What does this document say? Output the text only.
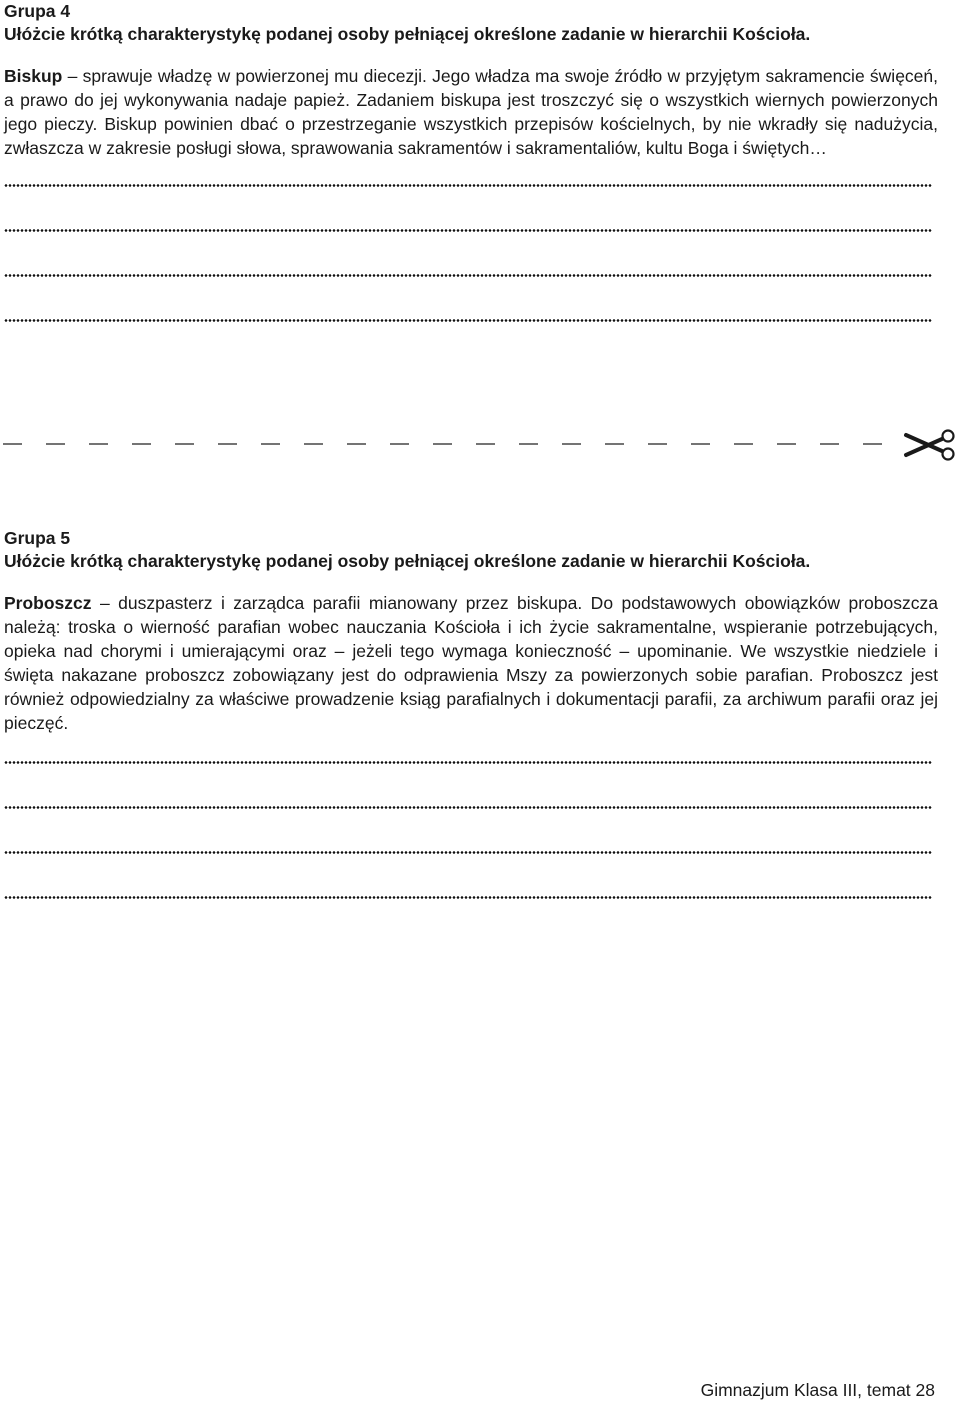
Grupa 4

Ułóżcie krótką charakterystykę podanej osoby pełniącej określone zadanie w hierarchii Kościoła.

Biskup – sprawuje władzę w powierzonej mu diecezji. Jego władza ma swoje źródło w przyjętym sakramencie święceń, a prawo do jej wykonywania nadaje papież. Zadaniem biskupa jest troszczyć się o wszystkich wiernych powierzonych jego pieczy. Biskup powinien dbać o przestrzeganie wszystkich przepisów kościelnych, by nie wkradły się nadużycia, zwłaszcza w zakresie posługi słowa, sprawowania sakramentów i sakramentaliów, kultu Boga i świętych…

Grupa 5

Ułóżcie krótką charakterystykę podanej osoby pełniącej określone zadanie w hierarchii Kościoła.

Proboszcz – duszpasterz i zarządca parafii mianowany przez biskupa. Do podstawowych obowiązków proboszcza należą: troska o wierność parafian wobec nauczania Kościoła i ich życie sakramentalne, wspieranie potrzebujących, opieka nad chorymi i umierającymi oraz – jeżeli tego wymaga konieczność – upominanie. We wszystkie niedziele i święta nakazane proboszcz zobowiązany jest do odprawienia Mszy za powierzonych sobie parafian. Proboszcz jest również odpowiedzialny za właściwe prowadzenie ksiąg parafialnych i dokumentacji parafii, za archiwum parafii oraz jej pieczęć.

Gimnazjum Klasa III, temat 28
